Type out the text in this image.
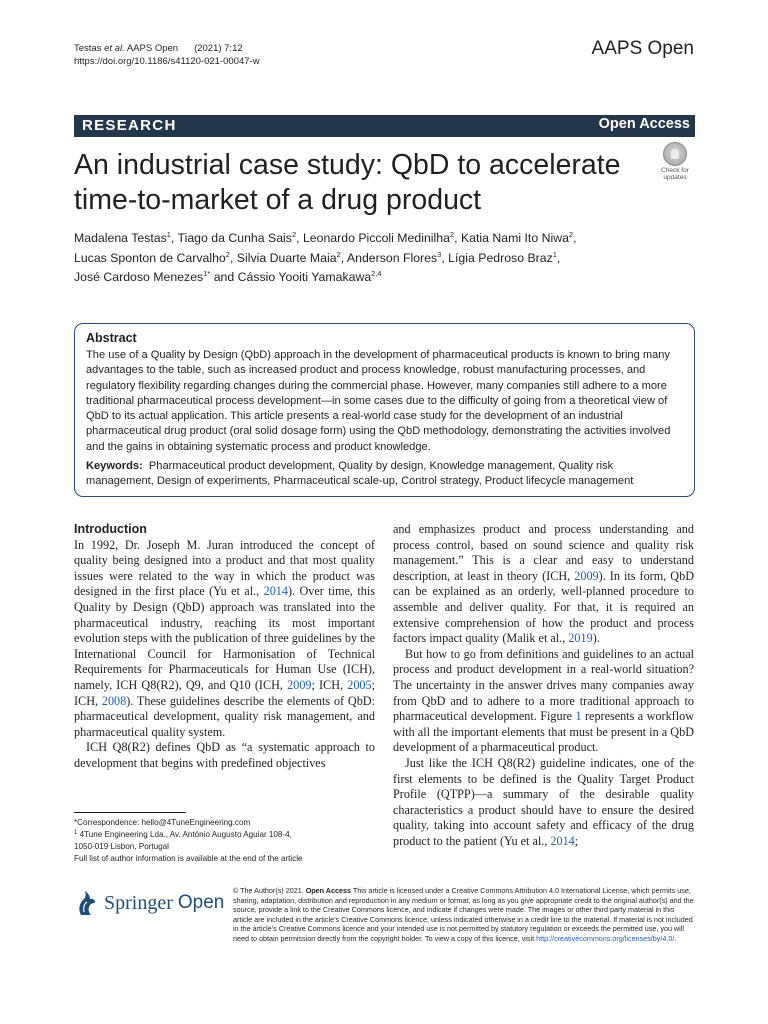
Testas et al. AAPS Open (2021) 7:12
https://doi.org/10.1186/s41120-021-00047-w
AAPS Open
RESEARCH	Open Access
An industrial case study: QbD to accelerate time-to-market of a drug product
Check for
updates
Madalena Testas$^1$, Tiago da Cunha Sais$^2$, Leonardo Piccoli Medinilha$^2$, Katia Nami Ito Niwa$^2$,
Lucas Sponton de Carvalho$^2$, Silvia Duarte Maia$^2$, Anderson Flores$^3$, Lígia Pedroso Braz$^1$,
José Cardoso Menezes$^{1*}$ and Cássio Yooiti Yamakawa$^{2,4}$
Abstract
The use of a Quality by Design (QbD) approach in the development of pharmaceutical products is known to bring many advantages to the table, such as increased product and process knowledge, robust manufacturing processes, and regulatory flexibility regarding changes during the commercial phase. However, many companies still adhere to a more traditional pharmaceutical process development—in some cases due to the difficulty of going from a theoretical view of QbD to its actual application. This article presents a real-world case study for the development of an industrial pharmaceutical drug product (oral solid dosage form) using the QbD methodology, demonstrating the activities involved and the gains in obtaining systematic process and product knowledge.
Keywords: Pharmaceutical product development, Quality by design, Knowledge management, Quality risk management, Design of experiments, Pharmaceutical scale-up, Control strategy, Product lifecycle management
Introduction

In 1992, Dr. Joseph M. Juran introduced the concept of quality being designed into a product and that most quality issues were related to the way in which the product was designed in the first place (Yu et al., 2014). Over time, this Quality by Design (QbD) approach was translated into the pharmaceutical industry, reaching its most important evolution steps with the publication of three guidelines by the International Council for Harmonisation of Technical Requirements for Pharmaceuticals for Human Use (ICH), namely, ICH Q8(R2), Q9, and Q10 (ICH, 2009; ICH, 2005; ICH, 2008). These guidelines describe the elements of QbD: pharmaceutical development, quality risk management, and pharmaceutical quality system.

ICH Q8(R2) defines QbD as “a systematic approach to development that begins with predefined objectives

and emphasizes product and process understanding and process control, based on sound science and quality risk management.” This is a clear and easy to understand description, at least in theory (ICH, 2009). In its form, QbD can be explained as an orderly, well-planned procedure to assemble and deliver quality. For that, it is required an extensive comprehension of how the product and process factors impact quality (Malik et al., 2019).

But how to go from definitions and guidelines to an actual process and product development in a real-world situation? The uncertainty in the answer drives many companies away from QbD and to adhere to a more traditional approach to pharmaceutical development. Figure 1 represents a workflow with all the important elements that must be present in a QbD development of a pharmaceutical product.

Just like the ICH Q8(R2) guideline indicates, one of the first elements to be defined is the Quality Target Product Profile (QTPP)—a summary of the desirable quality characteristics a product should have to ensure the desired quality, taking into account safety and efficacy of the drug product to the patient (Yu et al., 2014;

*Correspondence: hello@4TuneEngineering.com
$^1$ 4Tune Engineering Lda., Av. António Augusto Aguiar 108-4,
1050-019 Lisbon, Portugal
Full list of author information is available at the end of the article
Springer Open
© The Author(s) 2021. Open Access This article is licensed under a Creative Commons Attribution 4.0 International License, which permits use, sharing, adaptation, distribution and reproduction in any medium or format, as long as you give appropriate credit to the original author(s) and the source, provide a link to the Creative Commons licence, and indicate if changes were made. The images or other third party material in this article are included in the article’s Creative Commons licence, unless indicated otherwise in a credit line to the material. If material is not included in the article’s Creative Commons licence and your intended use is not permitted by statutory regulation or exceeds the permitted use, you will need to obtain permission directly from the copyright holder. To view a copy of this licence, visit http://creativecommons.org/licenses/by/4.0/.
